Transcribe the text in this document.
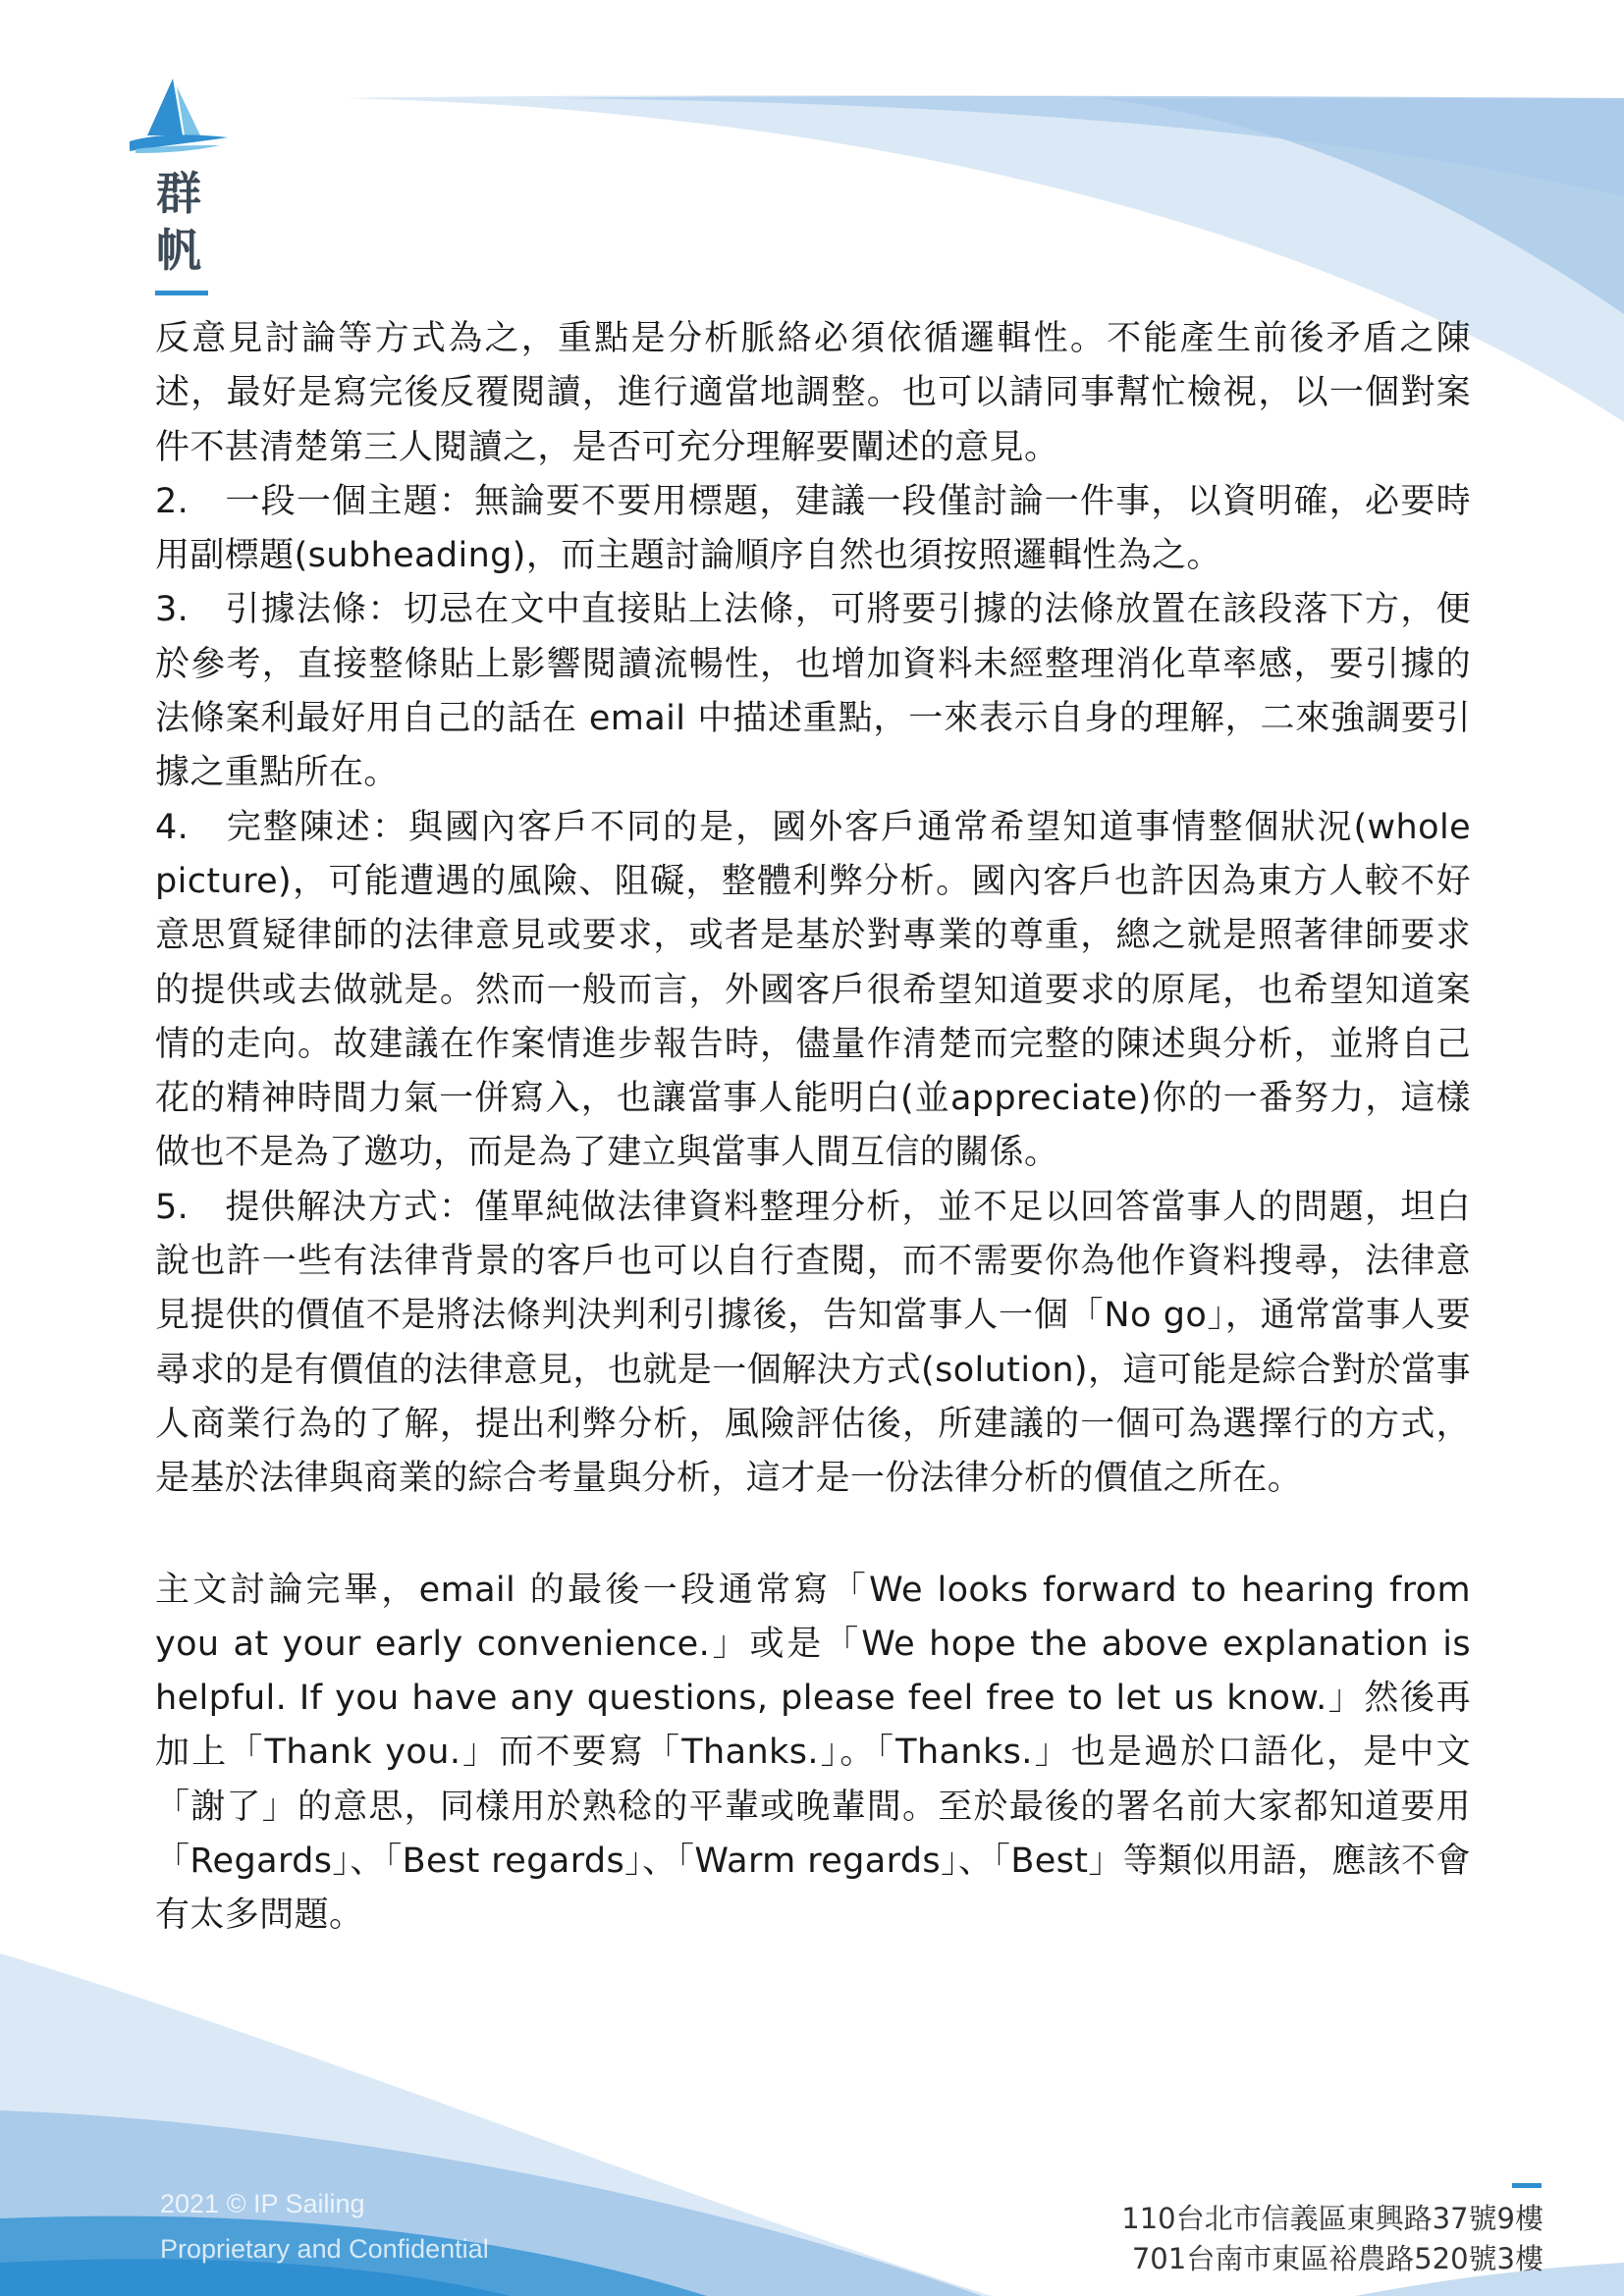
群
帆

反意見討論等方式為之，重點是分析脈絡必須依循邏輯性。不能產生前後矛盾之陳述，最好是寫完後反覆閱讀，進行適當地調整。也可以請同事幫忙檢視，以一個對案件不甚清楚第三人閱讀之，是否可充分理解要闡述的意見。

2.　一段一個主題：無論要不要用標題，建議一段僅討論一件事，以資明確，必要時用副標題(subheading)，而主題討論順序自然也須按照邏輯性為之。

3.　引據法條：切忌在文中直接貼上法條，可將要引據的法條放置在該段落下方，便於參考，直接整條貼上影響閱讀流暢性，也增加資料未經整理消化草率感，要引據的法條案利最好用自己的話在 email 中描述重點，一來表示自身的理解，二來強調要引據之重點所在。

4.　完整陳述：與國內客戶不同的是，國外客戶通常希望知道事情整個狀況(whole picture)，可能遭遇的風險、阻礙，整體利弊分析。國內客戶也許因為東方人較不好意思質疑律師的法律意見或要求，或者是基於對專業的尊重，總之就是照著律師要求的提供或去做就是。然而一般而言，外國客戶很希望知道要求的原尾，也希望知道案情的走向。故建議在作案情進步報告時，儘量作清楚而完整的陳述與分析，並將自己花的精神時間力氣一併寫入，也讓當事人能明白(並appreciate)你的一番努力，這樣做也不是為了邀功，而是為了建立與當事人間互信的關係。

5.　提供解決方式：僅單純做法律資料整理分析，並不足以回答當事人的問題，坦白說也許一些有法律背景的客戶也可以自行查閱，而不需要你為他作資料搜尋，法律意見提供的價值不是將法條判決判利引據後，告知當事人一個「No go」，通常當事人要尋求的是有價值的法律意見，也就是一個解決方式(solution)，這可能是綜合對於當事人商業行為的了解，提出利弊分析，風險評估後，所建議的一個可為選擇行的方式，是基於法律與商業的綜合考量與分析，這才是一份法律分析的價值之所在。

主文討論完畢，email 的最後一段通常寫「We looks forward to hearing from you at your early convenience.」或是「We hope the above explanation is helpful. If you have any questions, please feel free to let us know.」然後再加上「Thank you.」而不要寫「Thanks.」。「Thanks.」也是過於口語化，是中文「謝了」的意思，同樣用於熟稔的平輩或晚輩間。至於最後的署名前大家都知道要用「Regards」、「Best regards」、「Warm regards」、「Best」等類似用語，應該不會有太多問題。

2021 © IP Sailing
Proprietary and Confidential
110台北市信義區東興路37號9樓
701台南市東區裕農路520號3樓
